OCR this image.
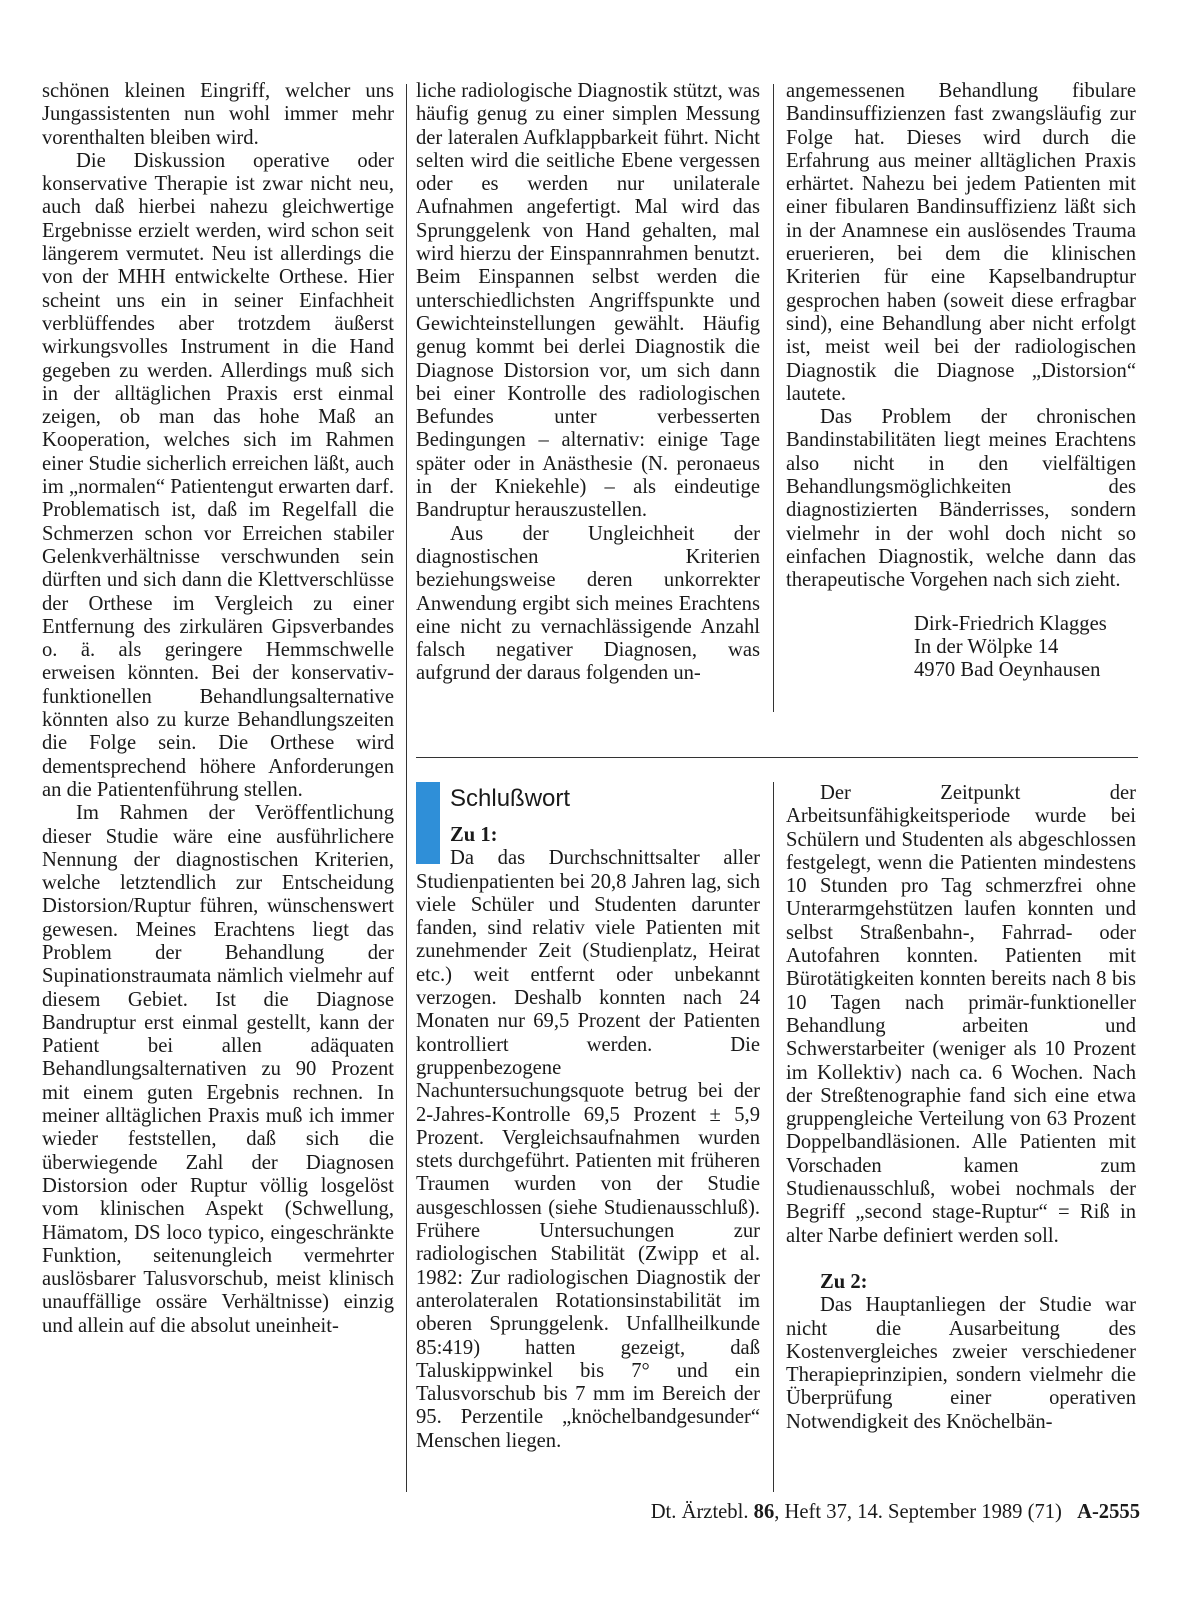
schönen kleinen Eingriff, welcher uns Jungassistenten nun wohl immer mehr vorenthalten bleiben wird.

Die Diskussion operative oder konservative Therapie ist zwar nicht neu, auch daß hierbei nahezu gleichwertige Ergebnisse erzielt werden, wird schon seit längerem vermutet. Neu ist allerdings die von der MHH entwickelte Orthese. Hier scheint uns ein in seiner Einfachheit verblüffendes aber trotzdem äußerst wirkungsvolles Instrument in die Hand gegeben zu werden. Allerdings muß sich in der alltäglichen Praxis erst einmal zeigen, ob man das hohe Maß an Kooperation, welches sich im Rahmen einer Studie sicherlich erreichen läßt, auch im „normalen“ Patientengut erwarten darf. Problematisch ist, daß im Regelfall die Schmerzen schon vor Erreichen stabiler Gelenkverhältnisse verschwunden sein dürften und sich dann die Klettverschlüsse der Orthese im Vergleich zu einer Entfernung des zirkulären Gipsverbandes o. ä. als geringere Hemmschwelle erweisen könnten. Bei der konservativ-funktionellen Behandlungsalternative könnten also zu kurze Behandlungszeiten die Folge sein. Die Orthese wird dementsprechend höhere Anforderungen an die Patientenführung stellen.

Im Rahmen der Veröffentlichung dieser Studie wäre eine ausführlichere Nennung der diagnostischen Kriterien, welche letztendlich zur Entscheidung Distorsion/Ruptur führen, wünschenswert gewesen. Meines Erachtens liegt das Problem der Behandlung der Supinationstraumata nämlich vielmehr auf diesem Gebiet. Ist die Diagnose Bandruptur erst einmal gestellt, kann der Patient bei allen adäquaten Behandlungsalternativen zu 90 Prozent mit einem guten Ergebnis rechnen. In meiner alltäglichen Praxis muß ich immer wieder feststellen, daß sich die überwiegende Zahl der Diagnosen Distorsion oder Ruptur völlig losgelöst vom klinischen Aspekt (Schwellung, Hämatom, DS loco typico, eingeschränkte Funktion, seitenungleich vermehrter auslösbarer Talusvorschub, meist klinisch unauffällige ossäre Verhältnisse) einzig und allein auf die absolut uneinheit-

liche radiologische Diagnostik stützt, was häufig genug zu einer simplen Messung der lateralen Aufklappbarkeit führt. Nicht selten wird die seitliche Ebene vergessen oder es werden nur unilaterale Aufnahmen angefertigt. Mal wird das Sprunggelenk von Hand gehalten, mal wird hierzu der Einspannrahmen benutzt. Beim Einspannen selbst werden die unterschiedlichsten Angriffspunkte und Gewichteinstellungen gewählt. Häufig genug kommt bei derlei Diagnostik die Diagnose Distorsion vor, um sich dann bei einer Kontrolle des radiologischen Befundes unter verbesserten Bedingungen – alternativ: einige Tage später oder in Anästhesie (N. peronaeus in der Kniekehle) – als eindeutige Bandruptur herauszustellen.

Aus der Ungleichheit der diagnostischen Kriterien beziehungsweise deren unkorrekter Anwendung ergibt sich meines Erachtens eine nicht zu vernachlässigende Anzahl falsch negativer Diagnosen, was aufgrund der daraus folgenden un-

angemessenen Behandlung fibulare Bandinsuffizienzen fast zwangsläufig zur Folge hat. Dieses wird durch die Erfahrung aus meiner alltäglichen Praxis erhärtet. Nahezu bei jedem Patienten mit einer fibularen Bandinsuffizienz läßt sich in der Anamnese ein auslösendes Trauma eruerieren, bei dem die klinischen Kriterien für eine Kapselbandruptur gesprochen haben (soweit diese erfragbar sind), eine Behandlung aber nicht erfolgt ist, meist weil bei der radiologischen Diagnostik die Diagnose „Distorsion“ lautete.

Das Problem der chronischen Bandinstabilitäten liegt meines Erachtens also nicht in den vielfältigen Behandlungsmöglichkeiten des diagnostizierten Bänderrisses, sondern vielmehr in der wohl doch nicht so einfachen Diagnostik, welche dann das therapeutische Vorgehen nach sich zieht.

Dirk-Friedrich Klagges
In der Wölpke 14
4970 Bad Oeynhausen
Schlußwort

Zu 1:

Da das Durchschnittsalter aller Studienpatienten bei 20,8 Jahren lag, sich viele Schüler und Studenten darunter fanden, sind relativ viele Patienten mit zunehmender Zeit (Studienplatz, Heirat etc.) weit entfernt oder unbekannt verzogen. Deshalb konnten nach 24 Monaten nur 69,5 Prozent der Patienten kontrolliert werden. Die gruppenbezogene Nachuntersuchungsquote betrug bei der 2-Jahres-Kontrolle 69,5 Prozent ± 5,9 Prozent. Vergleichsaufnahmen wurden stets durchgeführt. Patienten mit früheren Traumen wurden von der Studie ausgeschlossen (siehe Studienausschluß). Frühere Untersuchungen zur radiologischen Stabilität (Zwipp et al. 1982: Zur radiologischen Diagnostik der anterolateralen Rotationsinstabilität im oberen Sprunggelenk. Unfallheilkunde 85:419) hatten gezeigt, daß Taluskippwinkel bis 7° und ein Talusvorschub bis 7 mm im Bereich der 95. Perzentile „knöchelbandgesunder“ Menschen liegen.

Der Zeitpunkt der Arbeitsunfähigkeitsperiode wurde bei Schülern und Studenten als abgeschlossen festgelegt, wenn die Patienten mindestens 10 Stunden pro Tag schmerzfrei ohne Unterarmgehstützen laufen konnten und selbst Straßenbahn-, Fahrrad- oder Autofahren konnten. Patienten mit Bürotätigkeiten konnten bereits nach 8 bis 10 Tagen nach primär-funktioneller Behandlung arbeiten und Schwerstarbeiter (weniger als 10 Prozent im Kollektiv) nach ca. 6 Wochen. Nach der Streßtenographie fand sich eine etwa gruppengleiche Verteilung von 63 Prozent Doppelbandläsionen. Alle Patienten mit Vorschaden kamen zum Studienausschluß, wobei nochmals der Begriff „second stage-Ruptur“ = Riß in alter Narbe definiert werden soll.

Zu 2:

Das Hauptanliegen der Studie war nicht die Ausarbeitung des Kostenvergleiches zweier verschiedener Therapieprinzipien, sondern vielmehr die Überprüfung einer operativen Notwendigkeit des Knöchelbän-

Dt. Ärztebl. 86, Heft 37, 14. September 1989 (71) A-2555
